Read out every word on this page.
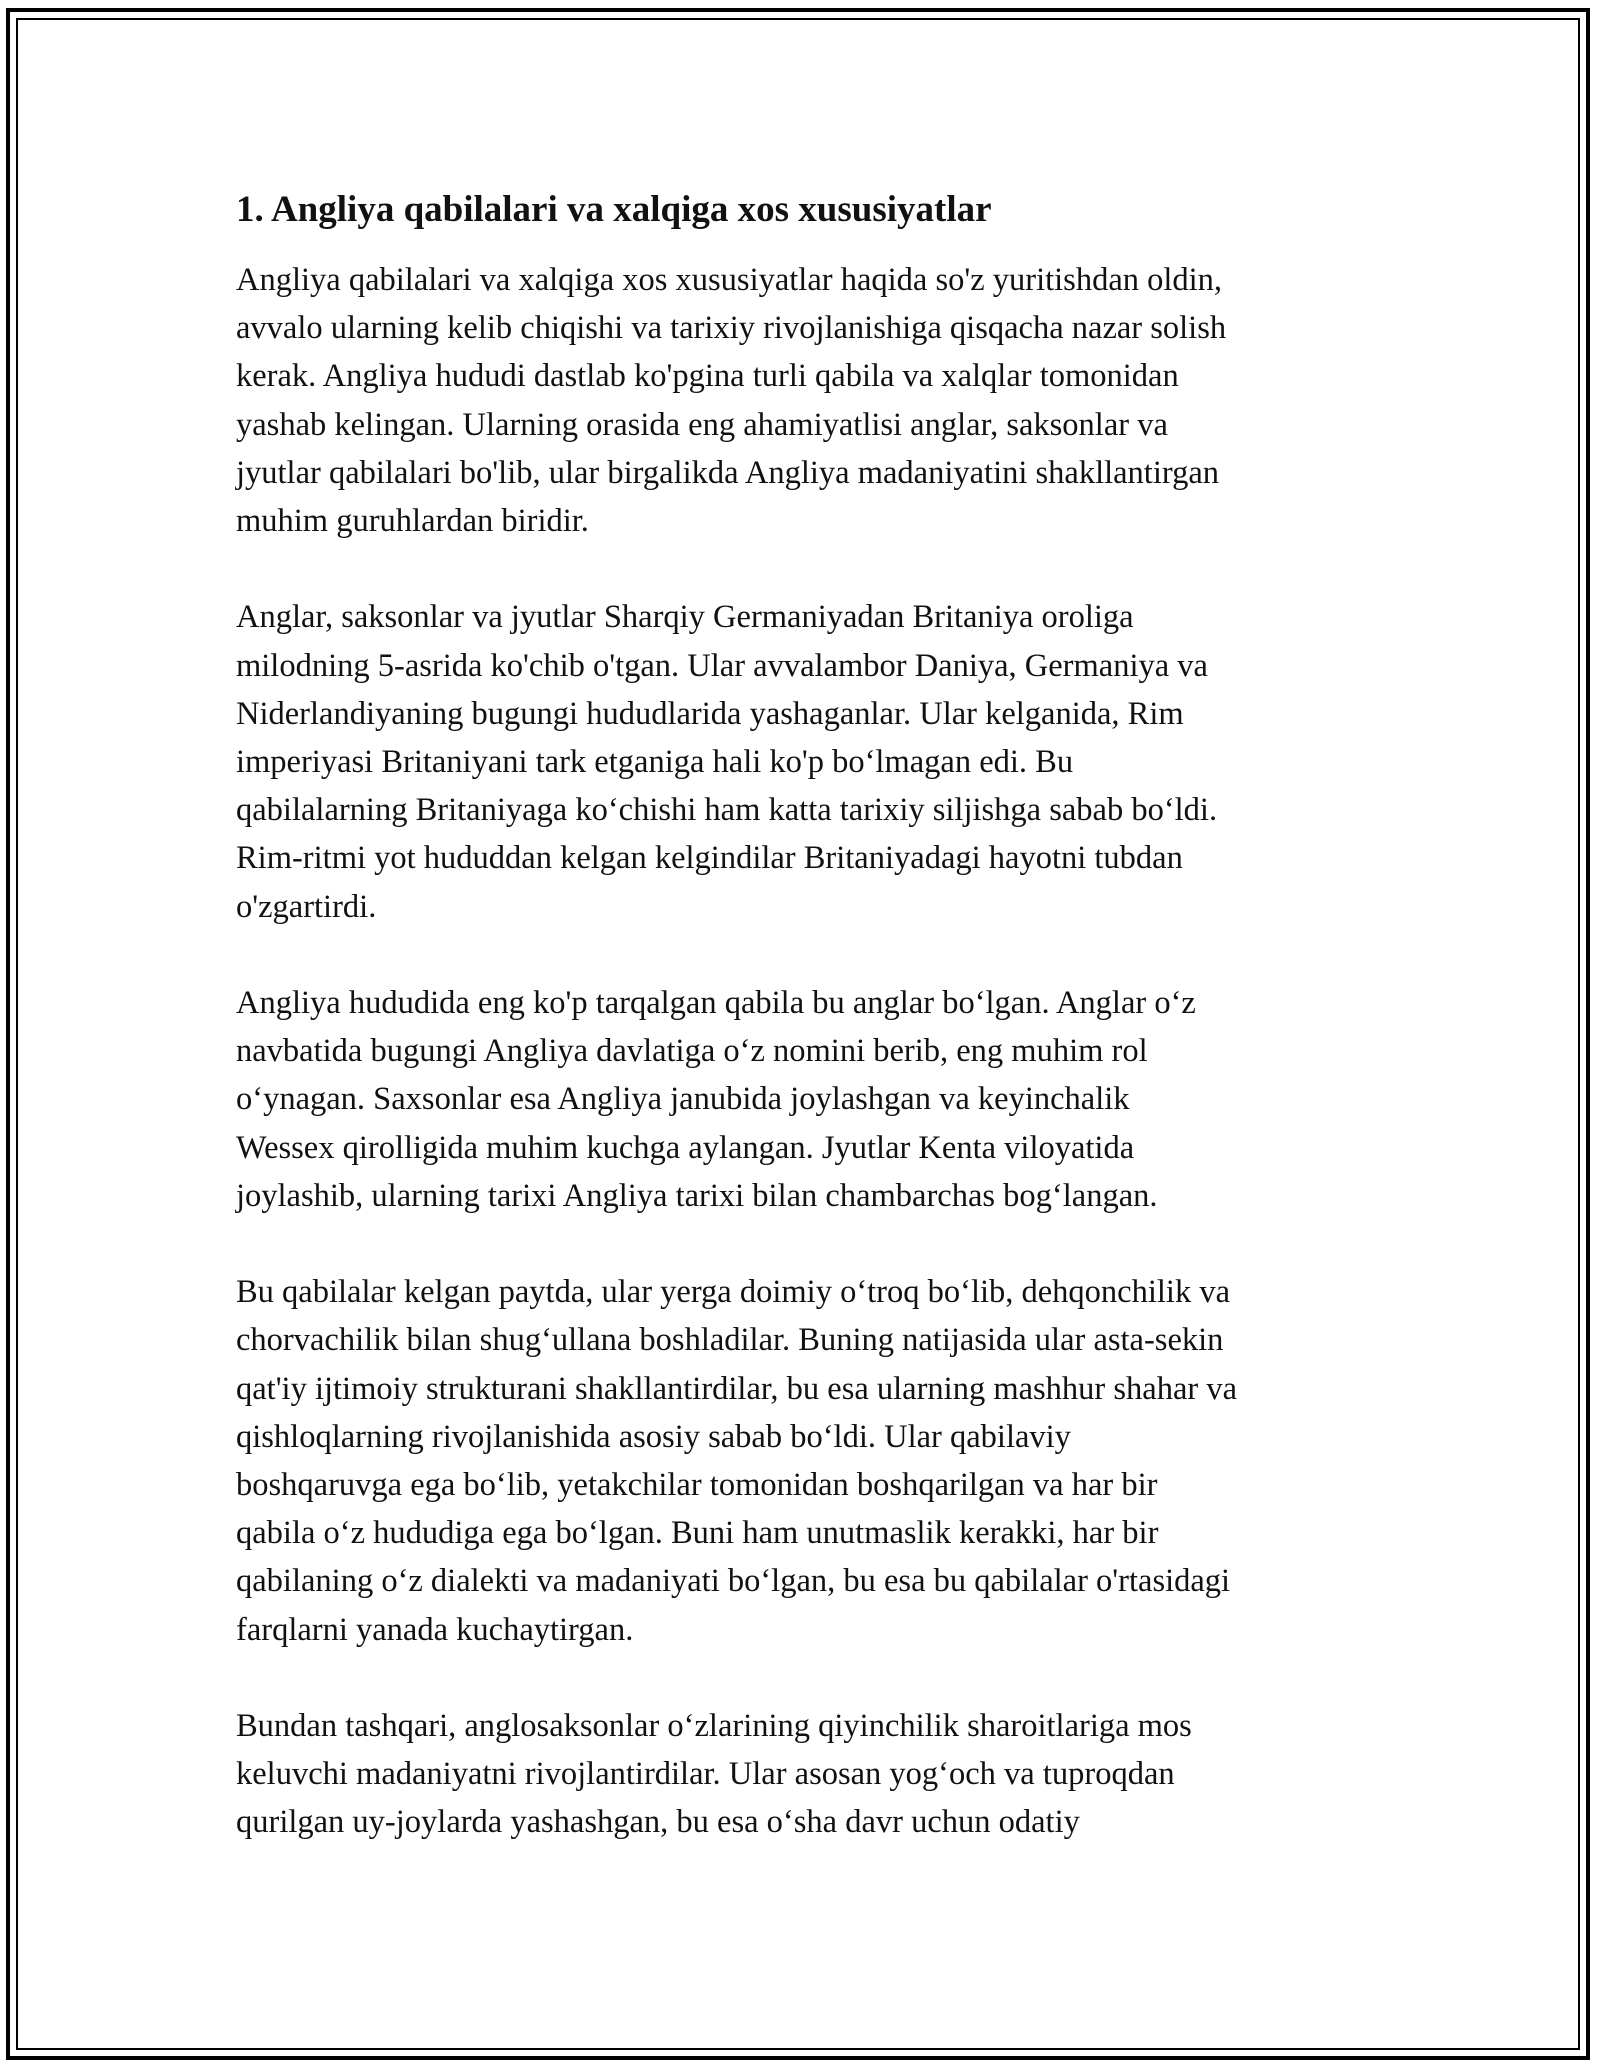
1. Angliya qabilalari va xalqiga xos xususiyatlar

Angliya qabilalari va xalqiga xos xususiyatlar haqida so'z yuritishdan oldin,
avvalo ularning kelib chiqishi va tarixiy rivojlanishiga qisqacha nazar solish
kerak. Angliya hududi dastlab ko'pgina turli qabila va xalqlar tomonidan
yashab kelingan. Ularning orasida eng ahamiyatlisi anglar, saksonlar va
jyutlar qabilalari bo'lib, ular birgalikda Angliya madaniyatini shakllantirgan
muhim guruhlardan biridir.

Anglar, saksonlar va jyutlar Sharqiy Germaniyadan Britaniya oroliga
milodning 5-asrida ko'chib o'tgan. Ular avvalambor Daniya, Germaniya va
Niderlandiyaning bugungi hududlarida yashaganlar. Ular kelganida, Rim
imperiyasi Britaniyani tark etganiga hali ko'p bo‘lmagan edi. Bu
qabilalarning Britaniyaga ko‘chishi ham katta tarixiy siljishga sabab bo‘ldi.
Rim-ritmi yot hududdan kelgan kelgindilar Britaniyadagi hayotni tubdan
o'zgartirdi.

Angliya hududida eng ko'p tarqalgan qabila bu anglar bo‘lgan. Anglar o‘z
navbatida bugungi Angliya davlatiga o‘z nomini berib, eng muhim rol
o‘ynagan. Saxsonlar esa Angliya janubida joylashgan va keyinchalik
Wessex qirolligida muhim kuchga aylangan. Jyutlar Kenta viloyatida
joylashib, ularning tarixi Angliya tarixi bilan chambarchas bog‘langan.

Bu qabilalar kelgan paytda, ular yerga doimiy o‘troq bo‘lib, dehqonchilik va
chorvachilik bilan shug‘ullana boshladilar. Buning natijasida ular asta-sekin
qat'iy ijtimoiy strukturani shakllantirdilar, bu esa ularning mashhur shahar va
qishloqlarning rivojlanishida asosiy sabab bo‘ldi. Ular qabilaviy
boshqaruvga ega bo‘lib, yetakchilar tomonidan boshqarilgan va har bir
qabila o‘z hududiga ega bo‘lgan. Buni ham unutmaslik kerakki, har bir
qabilaning o‘z dialekti va madaniyati bo‘lgan, bu esa bu qabilalar o'rtasidagi
farqlarni yanada kuchaytirgan.

Bundan tashqari, anglosaksonlar o‘zlarining qiyinchilik sharoitlariga mos
keluvchi madaniyatni rivojlantirdilar. Ular asosan yog‘och va tuproqdan
qurilgan uy-joylarda yashashgan, bu esa o‘sha davr uchun odatiy
